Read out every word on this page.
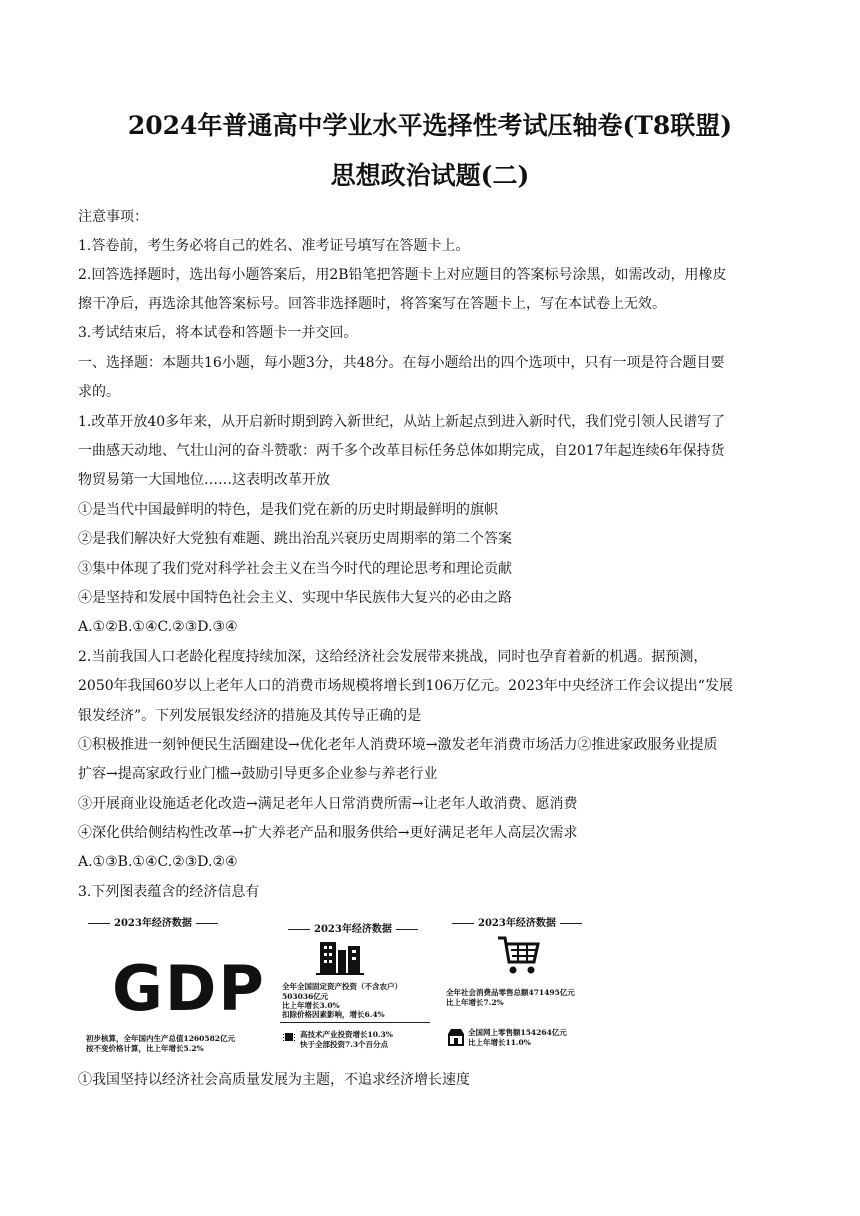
2024年普通高中学业水平选择性考试压轴卷(T8联盟)
思想政治试题(二)
注意事项：
1.答卷前，考生务必将自己的姓名、准考证号填写在答题卡上。
2.回答选择题时，选出每小题答案后，用2B铅笔把答题卡上对应题目的答案标号涂黑，如需改动，用橡皮
擦干净后，再选涂其他答案标号。回答非选择题时，将答案写在答题卡上，写在本试卷上无效。
3.考试结束后，将本试卷和答题卡一并交回。
一、选择题：本题共16小题，每小题3分，共48分。在每小题给出的四个选项中，只有一项是符合题目要
求的。
1.改革开放40多年来，从开启新时期到跨入新世纪，从站上新起点到进入新时代，我们党引领人民谱写了
一曲感天动地、气壮山河的奋斗赞歌：两千多个改革目标任务总体如期完成，自2017年起连续6年保持货
物贸易第一大国地位……这表明改革开放
①是当代中国最鲜明的特色，是我们党在新的历史时期最鲜明的旗帜
②是我们解决好大党独有难题、跳出治乱兴衰历史周期率的第二个答案
③集中体现了我们党对科学社会主义在当今时代的理论思考和理论贡献
④是坚持和发展中国特色社会主义、实现中华民族伟大复兴的必由之路
A.①②B.①④C.②③D.③④
2.当前我国人口老龄化程度持续加深，这给经济社会发展带来挑战，同时也孕育着新的机遇。据预测，
2050年我国60岁以上老年人口的消费市场规模将增长到106万亿元。2023年中央经济工作会议提出“发展
银发经济”。下列发展银发经济的措施及其传导正确的是
①积极推进一刻钟便民生活圈建设→优化老年人消费环境→激发老年消费市场活力②推进家政服务业提质
扩容→提高家政行业门槛→鼓励引导更多企业参与养老行业
③开展商业设施适老化改造→满足老年人日常消费所需→让老年人敢消费、愿消费
④深化供给侧结构性改革→扩大养老产品和服务供给→更好满足老年人高层次需求
A.①③B.①④C.②③D.②④
3.下列图表蕴含的经济信息有
2023年经济数据
GDP
初步核算，全年国内生产总值1260582亿元
按不变价格计算，比上年增长5.2%
2023年经济数据
全年全国固定资产投资（不含农户）
503036亿元
比上年增长3.0%
扣除价格因素影响，增长6.4%
高技术产业投资增长10.3%
快于全部投资7.3个百分点
2023年经济数据
全年社会消费品零售总额471495亿元
比上年增长7.2%
全国网上零售额154264亿元
比上年增长11.0%
①我国坚持以经济社会高质量发展为主题，不追求经济增长速度
